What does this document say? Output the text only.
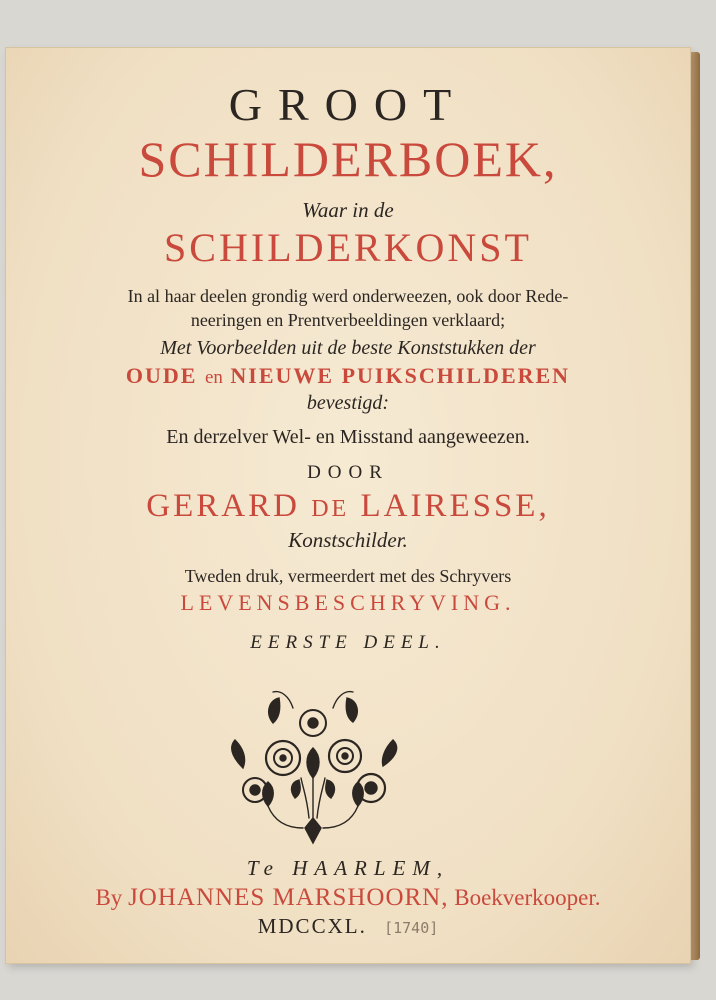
GROOT
SCHILDERBOEK,
Waar in de
SCHILDERKONST
In al haar deelen grondig werd onderweezen, ook door Rede-
neeringen en Prentverbeeldingen verklaard;
Met Voorbeelden uit de beste Konststukken der
OUDE en NIEUWE PUIKSCHILDEREN
bevestigd:
En derzelver Wel- en Misstand aangeweezen.
DOOR
GERARD DE LAIRESSE,
Konstschilder.
Tweden druk, vermeerdert met des Schryvers
LEVENSBESCHRYVING.
EERSTE DEEL.
Te HAARLEM,
By JOHANNES MARSHOORN, Boekverkooper.
MDCCXL. [1740]
